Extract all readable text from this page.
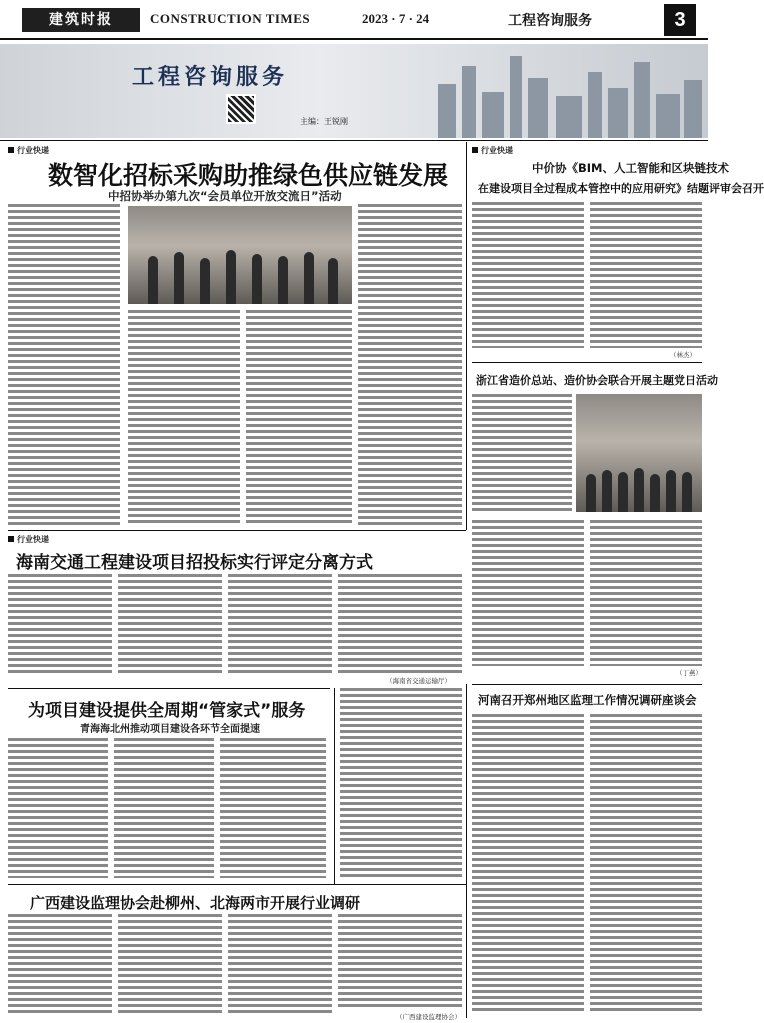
建筑时报	CONSTRUCTION TIMES	2023 · 7 · 24	工程咨询服务	3
工程咨询服务
主编：王锐刚
行业快递
数智化招标采购助推绿色供应链发展
中招协举办第九次“会员单位开放交流日”活动
行业快递
中价协《BIM、人工智能和区块链技术
在建设项目全过程成本管控中的应用研究》结题评审会召开
（林杰）
浙江省造价总站、造价协会联合开展主题党日活动
（丁燕）
行业快递
海南交通工程建设项目招投标实行评定分离方式
（海南省交通运输厅）
为项目建设提供全周期“管家式”服务
青海海北州推动项目建设各环节全面提速
河南召开郑州地区监理工作情况调研座谈会
广西建设监理协会赴柳州、北海两市开展行业调研
（广西建设监理协会）
